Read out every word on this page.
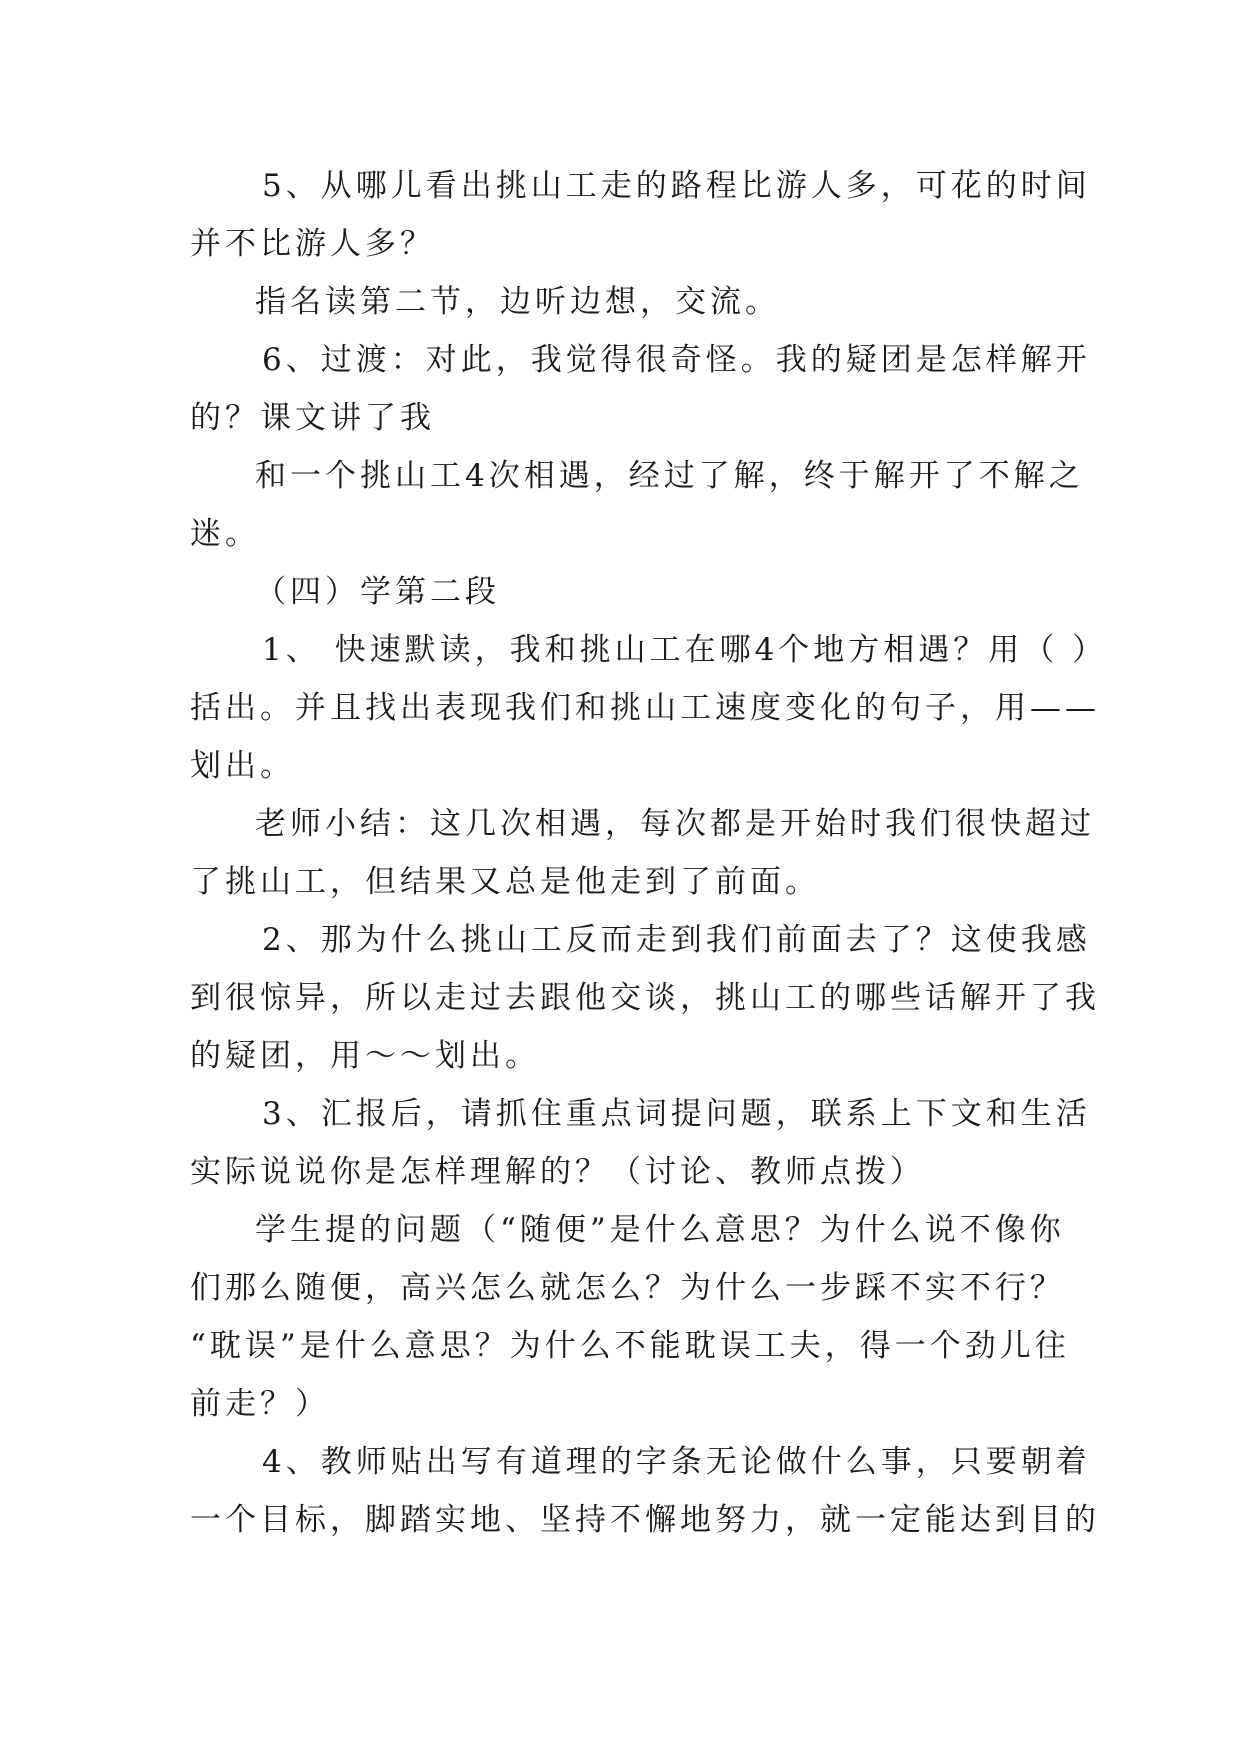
5、从哪儿看出挑山工走的路程比游人多，可花的时间
并不比游人多？
指名读第二节，边听边想，交流。
6、过渡：对此，我觉得很奇怪。我的疑团是怎样解开
的？课文讲了我
和一个挑山工4次相遇，经过了解，终于解开了不解之
迷。
（四）学第二段
1、 快速默读，我和挑山工在哪4个地方相遇？用（ ）
括出。并且找出表现我们和挑山工速度变化的句子，用——
划出。
老师小结：这几次相遇，每次都是开始时我们很快超过
了挑山工，但结果又总是他走到了前面。
2、那为什么挑山工反而走到我们前面去了？这使我感
到很惊异，所以走过去跟他交谈，挑山工的哪些话解开了我
的疑团，用～～划出。
3、汇报后，请抓住重点词提问题，联系上下文和生活
实际说说你是怎样理解的？（讨论、教师点拨）
学生提的问题（“随便”是什么意思？为什么说不像你
们那么随便，高兴怎么就怎么？为什么一步踩不实不行？
“耽误”是什么意思？为什么不能耽误工夫，得一个劲儿往
前走？）
4、教师贴出写有道理的字条无论做什么事，只要朝着
一个目标，脚踏实地、坚持不懈地努力，就一定能达到目的
